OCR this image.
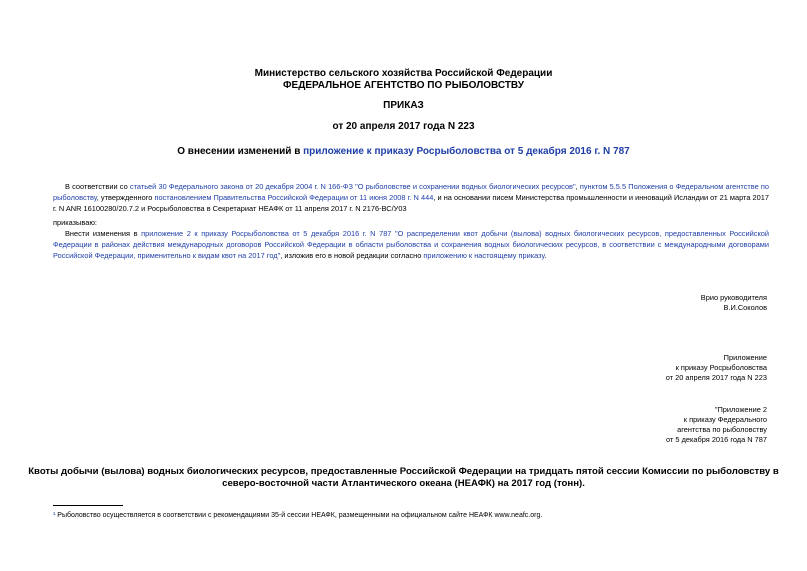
Министерство сельского хозяйства Российской Федерации
ФЕДЕРАЛЬНОЕ АГЕНТСТВО ПО РЫБОЛОВСТВУ
ПРИКАЗ
от 20 апреля 2017 года N 223
О внесении изменений в приложение к приказу Росрыболовства от 5 декабря 2016 г. N 787
В соответствии со статьей 30 Федерального закона от 20 декабря 2004 г. N 166-ФЗ "О рыболовстве и сохранении водных биологических ресурсов", пунктом 5.5.5 Положения о Федеральном агентстве по рыболовству, утвержденного постановлением Правительства Российской Федерации от 11 июня 2008 г. N 444, и на основании писем Министерства промышленности и инноваций Исландии от 21 марта 2017 г. N ANR 16100280/20.7.2 и Росрыболовства в Секретариат НЕАФК от 11 апреля 2017 г. N 2176-ВС/У03
приказываю:
Внести изменения в приложение 2 к приказу Росрыболовства от 5 декабря 2016 г. N 787 "О распределении квот добычи (вылова) водных биологических ресурсов, предоставленных Российской Федерации в районах действия международных договоров Российской Федерации в области рыболовства и сохранения водных биологических ресурсов, в соответствии с международными договорами Российской Федерации, применительно к видам квот на 2017 год", изложив его в новой редакции согласно приложению к настоящему приказу.
Врио руководителя
В.И.Соколов
Приложение
к приказу Росрыболовства
от 20 апреля 2017 года N 223
"Приложение 2
к приказу Федерального
агентства по рыболовству
от 5 декабря 2016 года N 787
Квоты добычи (вылова) водных биологических ресурсов, предоставленные Российской Федерации на тридцать пятой сессии Комиссии по рыболовству в
северо-восточной части Атлантического океана (НЕАФК) на 2017 год (тонн).
¹ Рыболовство осуществляется в соответствии с рекомендациями 35-й сессии НЕАФК, размещенными на официальном сайте НЕАФК www.neafc.org.
